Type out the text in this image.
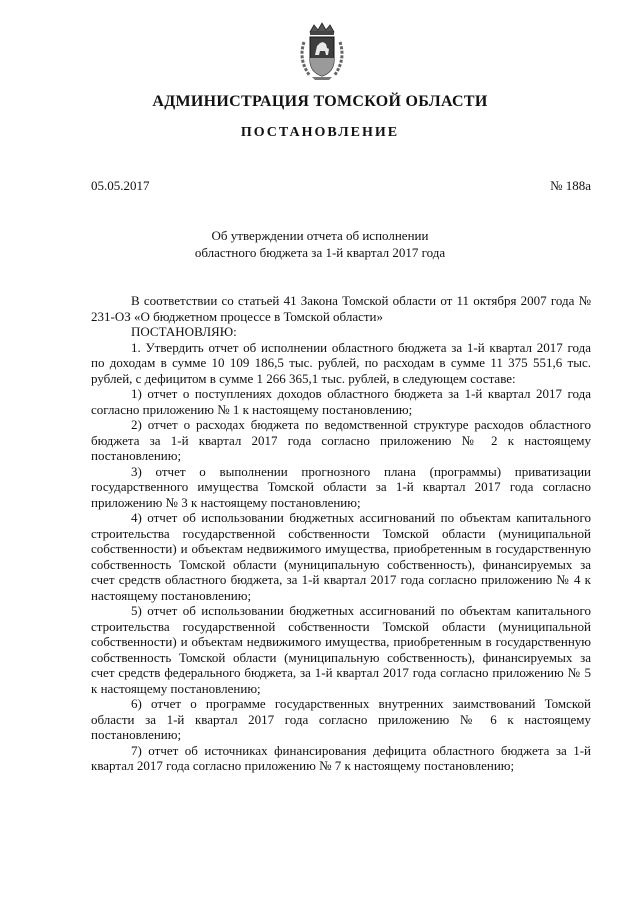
АДМИНИСТРАЦИЯ ТОМСКОЙ ОБЛАСТИ
ПОСТАНОВЛЕНИЕ
05.05.2017	№ 188а
Об утверждении отчета об исполнении
областного бюджета за 1-й квартал 2017 года

В соответствии со статьей 41 Закона Томской области от 11 октября 2007 года № 231-ОЗ «О бюджетном процессе в Томской области»

ПОСТАНОВЛЯЮ:

1. Утвердить отчет об исполнении областного бюджета за 1-й квартал 2017 года по доходам в сумме 10 109 186,5 тыс. рублей, по расходам в сумме 11 375 551,6 тыс. рублей, с дефицитом в сумме 1 266 365,1 тыс. рублей, в следующем составе:

1) отчет о поступлениях доходов областного бюджета за 1-й квартал 2017 года согласно приложению № 1 к настоящему постановлению;

2) отчет о расходах бюджета по ведомственной структуре расходов областного бюджета за 1-й квартал 2017 года согласно приложению № 2 к настоящему постановлению;

3) отчет о выполнении прогнозного плана (программы) приватизации государственного имущества Томской области за 1-й квартал 2017 года согласно приложению № 3 к настоящему постановлению;

4) отчет об использовании бюджетных ассигнований по объектам капитального строительства государственной собственности Томской области (муниципальной собственности) и объектам недвижимого имущества, приобретенным в государственную собственность Томской области (муниципальную собственность), финансируемых за счет средств областного бюджета, за 1-й квартал 2017 года согласно приложению № 4 к настоящему постановлению;

5) отчет об использовании бюджетных ассигнований по объектам капитального строительства государственной собственности Томской области (муниципальной собственности) и объектам недвижимого имущества, приобретенным в государственную собственность Томской области (муниципальную собственность), финансируемых за счет средств федерального бюджета, за 1-й квартал 2017 года согласно приложению № 5 к настоящему постановлению;

6) отчет о программе государственных внутренних заимствований Томской области за 1-й квартал 2017 года согласно приложению № 6 к настоящему постановлению;

7) отчет об источниках финансирования дефицита областного бюджета за 1-й квартал 2017 года согласно приложению № 7 к настоящему постановлению;
